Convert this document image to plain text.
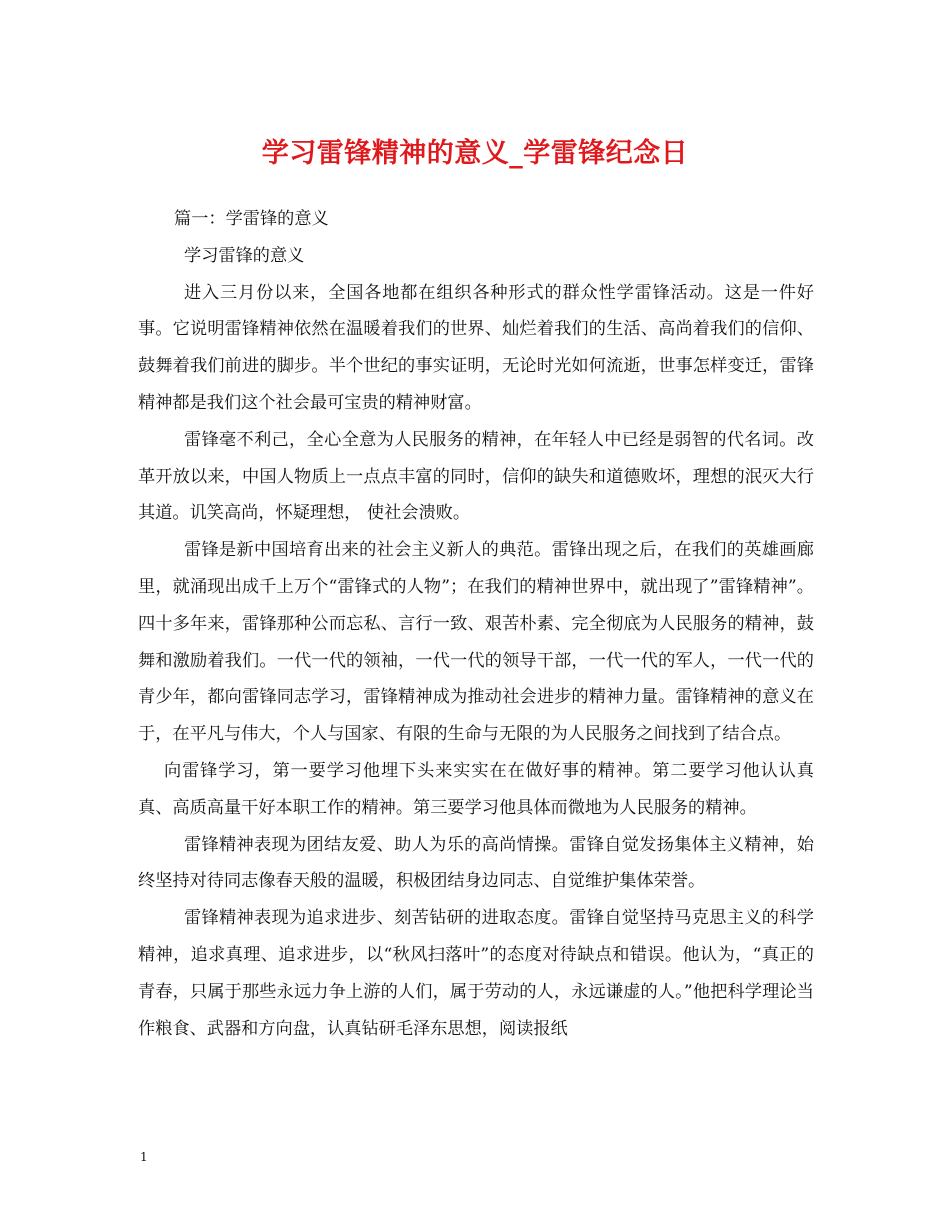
学习雷锋精神的意义_学雷锋纪念日
篇一：学雷锋的意义
学习雷锋的意义

进入三月份以来，全国各地都在组织各种形式的群众性学雷锋活动。这是一件好事。它说明雷锋精神依然在温暖着我们的世界、灿烂着我们的生活、高尚着我们的信仰、鼓舞着我们前进的脚步。半个世纪的事实证明，无论时光如何流逝，世事怎样变迁，雷锋精神都是我们这个社会最可宝贵的精神财富。

雷锋毫不利己，全心全意为人民服务的精神，在年轻人中已经是弱智的代名词。改革开放以来，中国人物质上一点点丰富的同时，信仰的缺失和道德败坏，理想的泯灭大行其道。讥笑高尚，怀疑理想， 使社会溃败。

雷锋是新中国培育出来的社会主义新人的典范。雷锋出现之后，在我们的英雄画廊里，就涌现出成千上万个“雷锋式的人物”；在我们的精神世界中，就出现了”雷锋精神”。四十多年来，雷锋那种公而忘私、言行一致、艰苦朴素、完全彻底为人民服务的精神，鼓舞和激励着我们。一代一代的领袖，一代一代的领导干部，一代一代的军人，一代一代的青少年，都向雷锋同志学习，雷锋精神成为推动社会进步的精神力量。雷锋精神的意义在于，在平凡与伟大，个人与国家、有限的生命与无限的为人民服务之间找到了结合点。

向雷锋学习，第一要学习他埋下头来实实在在做好事的精神。第二要学习他认认真真、高质高量干好本职工作的精神。第三要学习他具体而微地为人民服务的精神。

雷锋精神表现为团结友爱、助人为乐的高尚情操。雷锋自觉发扬集体主义精神，始终坚持对待同志像春天般的温暖，积极团结身边同志、自觉维护集体荣誉。

雷锋精神表现为追求进步、刻苦钻研的进取态度。雷锋自觉坚持马克思主义的科学精神，追求真理、追求进步，以“秋风扫落叶”的态度对待缺点和错误。他认为，“真正的青春，只属于那些永远力争上游的人们，属于劳动的人，永远谦虚的人。”他把科学理论当作粮食、武器和方向盘，认真钻研毛泽东思想，阅读报纸

1
